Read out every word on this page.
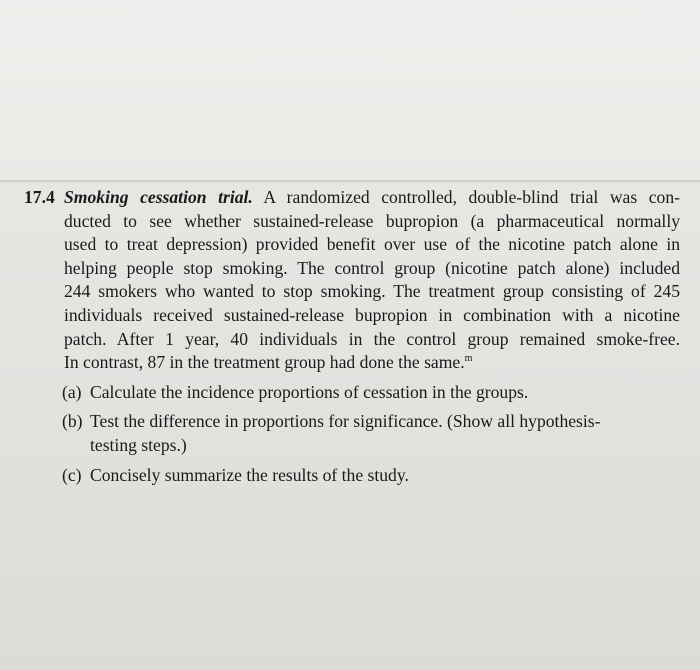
17.4 Smoking cessation trial. A randomized controlled, double-blind trial was con-
ducted to see whether sustained-release bupropion (a pharmaceutical normally
used to treat depression) provided benefit over use of the nicotine patch alone in
helping people stop smoking. The control group (nicotine patch alone) included
244 smokers who wanted to stop smoking. The treatment group consisting of 245
individuals received sustained-release bupropion in combination with a nicotine
patch. After 1 year, 40 individuals in the control group remained smoke-free.
In contrast, 87 in the treatment group had done the same.$^m$
(a) Calculate the incidence proportions of cessation in the groups.
(b) Test the difference in proportions for significance. (Show all hypothesis-
testing steps.)
(c) Concisely summarize the results of the study.
